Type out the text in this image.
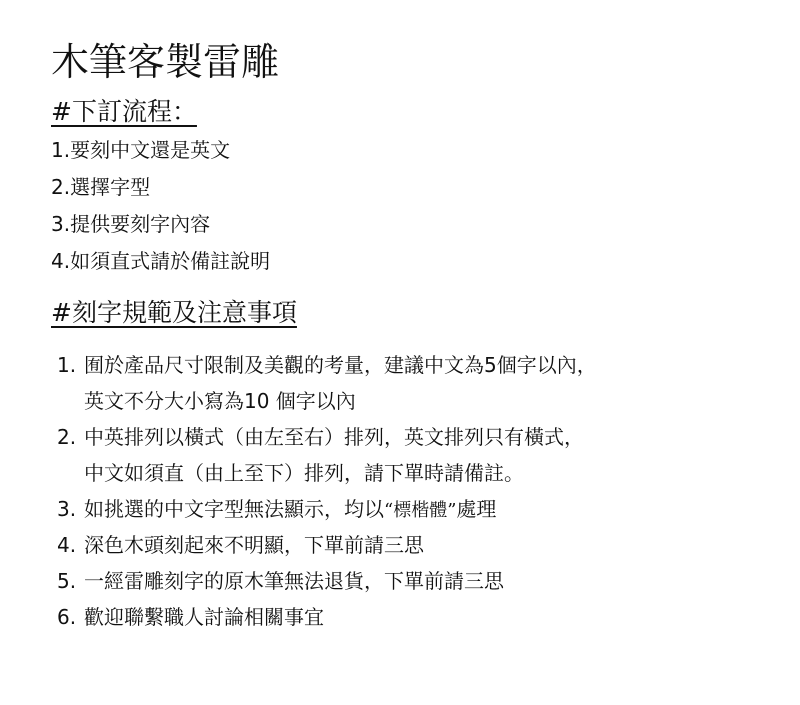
木筆客製雷雕
#下訂流程：
1.要刻中文還是英文
2.選擇字型
3.提供要刻字內容
4.如須直式請於備註說明
#刻字規範及注意事項
1. 囿於產品尺寸限制及美觀的考量，建議中文為5個字以內，
英文不分大小寫為10 個字以內
2. 中英排列以橫式（由左至右）排列，英文排列只有橫式，
中文如須直（由上至下）排列，請下單時請備註。
3. 如挑選的中文字型無法顯示，均以“標楷體”處理
4. 深色木頭刻起來不明顯，下單前請三思
5. 一經雷雕刻字的原木筆無法退貨，下單前請三思
6. 歡迎聯繫職人討論相關事宜
